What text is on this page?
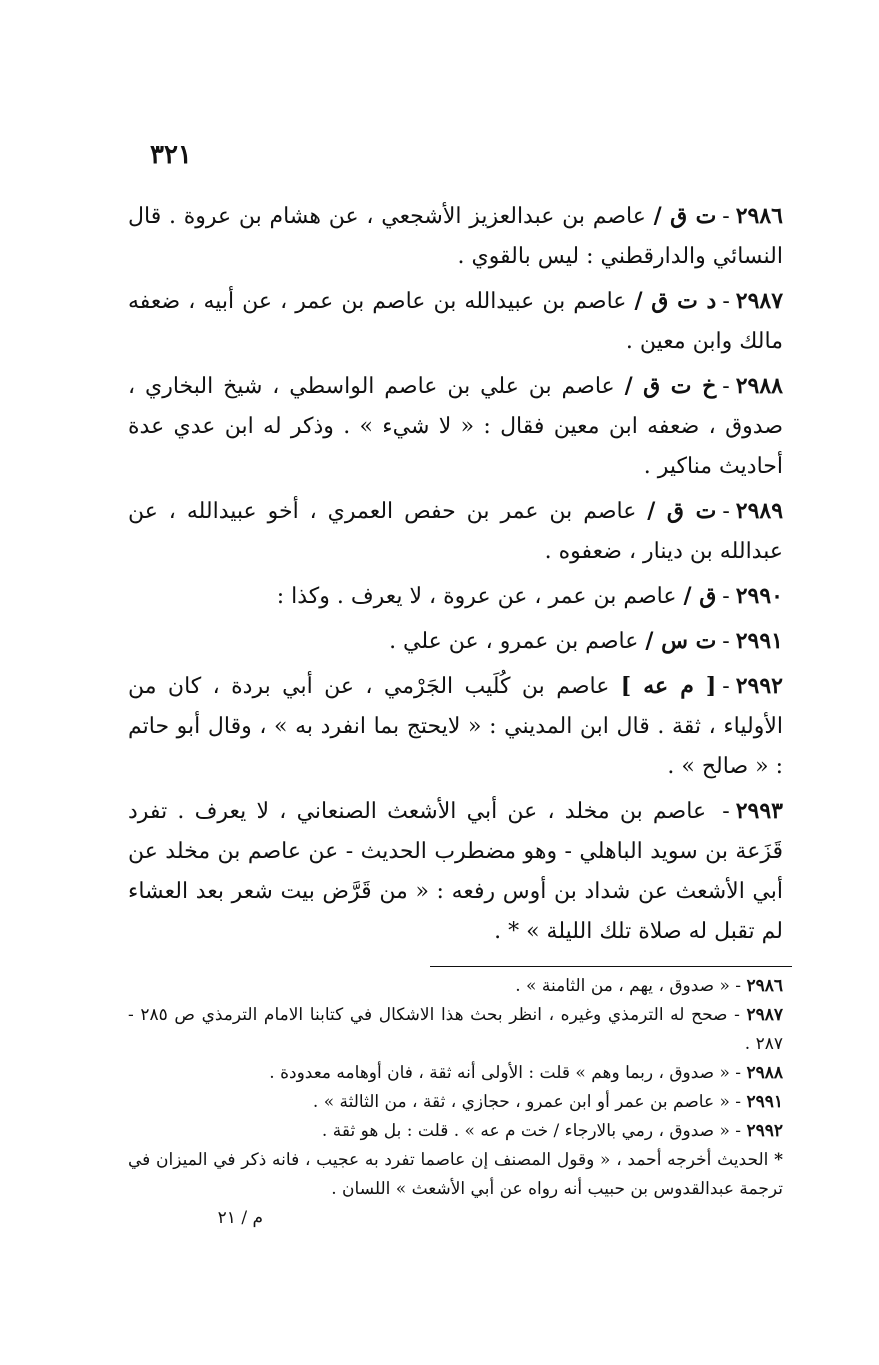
٣٢١

٢٩٨٦-ت ق / عاصم بن عبدالعزيز الأشجعي ، عن هشام بن عروة . قال النسائي والدارقطني : ليس بالقوي .

٢٩٨٧-د ت ق / عاصم بن عبيدالله بن عاصم بن عمر ، عن أبيه ، ضعفه مالك وابن معين .

٢٩٨٨-خ ت ق / عاصم بن علي بن عاصم الواسطي ، شيخ البخاري ، صدوق ، ضعفه ابن معين فقال : « لا شيء » . وذكر له ابن عدي عدة أحاديث مناكير .

٢٩٨٩-ت ق / عاصم بن عمر بن حفص العمري ، أخو عبيدالله ، عن عبدالله بن دينار ، ضعفوه .

٢٩٩٠-ق / عاصم بن عمر ، عن عروة ، لا يعرف . وكذا :

٢٩٩١-ت س / عاصم بن عمرو ، عن علي .

٢٩٩٢-[ م عه ] عاصم بن كُلَيب الجَرْمي ، عن أبي بردة ، كان من الأولياء ، ثقة . قال ابن المديني : « لايحتج بما انفرد به » ، وقال أبو حاتم : « صالح » .

٢٩٩٣- عاصم بن مخلد ، عن أبي الأشعث الصنعاني ، لا يعرف . تفرد قَزَعة بن سويد الباهلي - وهو مضطرب الحديث - عن عاصم بن مخلد عن أبي الأشعث عن شداد بن أوس رفعه : « من قَرَّض بيت شعر بعد العشاء لم تقبل له صلاة تلك الليلة » * .

٢٩٨٦ - « صدوق ، يهم ، من الثامنة » .

٢٩٨٧ - صحح له الترمذي وغيره ، انظر بحث هذا الاشكال في كتابنا الامام الترمذي ص ٢٨٥ - ٢٨٧ .

٢٩٨٨ - « صدوق ، ربما وهم » قلت : الأولى أنه ثقة ، فان أوهامه معدودة .

٢٩٩١ - « عاصم بن عمر أو ابن عمرو ، حجازي ، ثقة ، من الثالثة » .

٢٩٩٢ - « صدوق ، رمي بالارجاء / خت م عه » . قلت : بل هو ثقة .

* الحديث أخرجه أحمد ، « وقول المصنف إن عاصما تفرد به عجيب ، فانه ذكر في الميزان في ترجمة عبدالقدوس بن حبيب أنه رواه عن أبي الأشعث » اللسان .

م / ٢١
